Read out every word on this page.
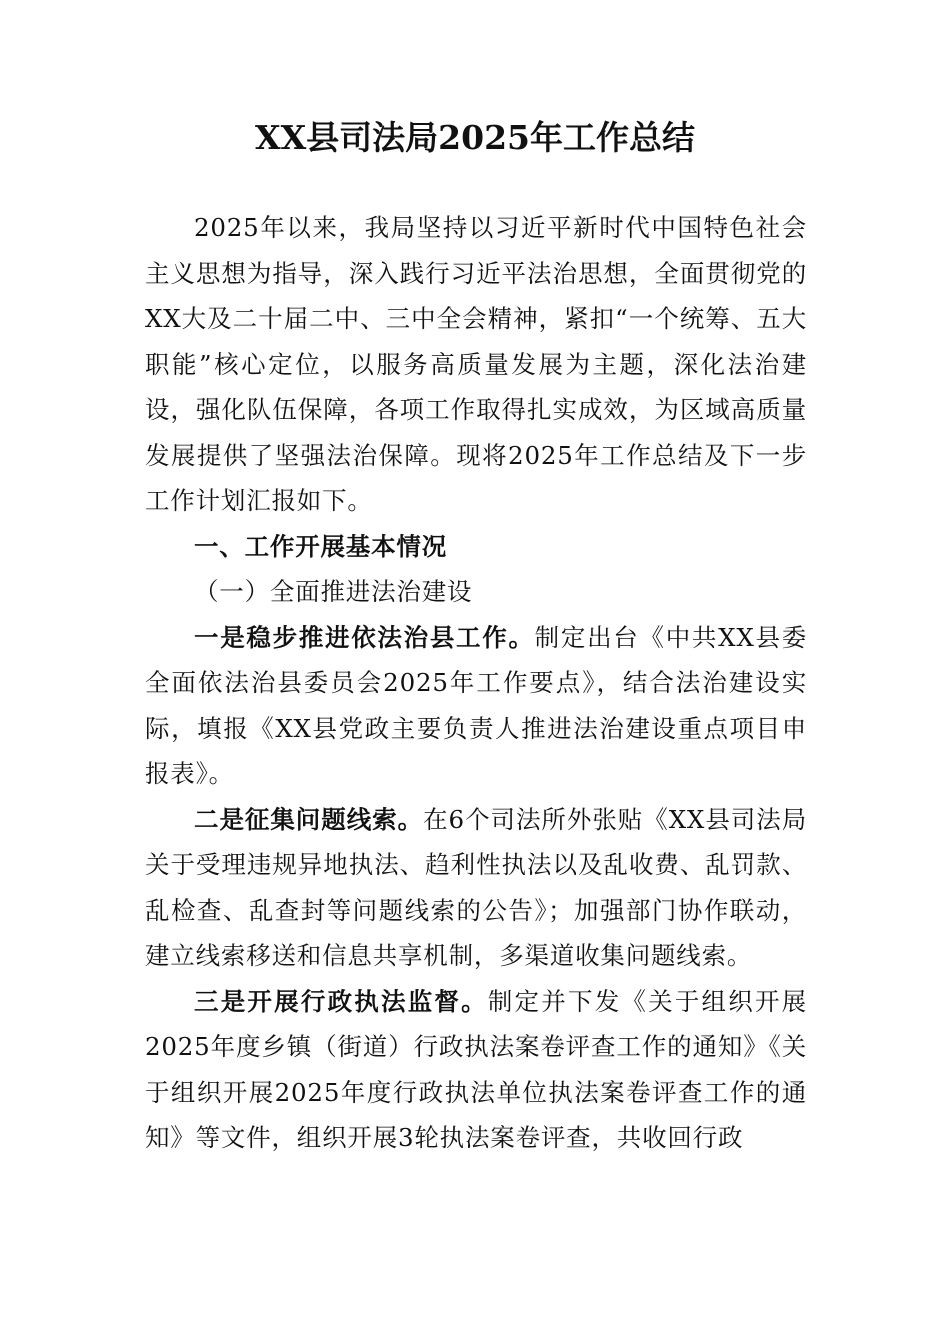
XX县司法局2025年工作总结

2025年以来，我局坚持以习近平新时代中国特色社会主义思想为指导，深入践行习近平法治思想，全面贯彻党的XX大及二十届二中、三中全会精神，紧扣“一个统筹、五大职能”核心定位，以服务高质量发展为主题，深化法治建设，强化队伍保障，各项工作取得扎实成效，为区域高质量发展提供了坚强法治保障。现将2025年工作总结及下一步工作计划汇报如下。

一、工作开展基本情况

（一）全面推进法治建设

一是稳步推进依法治县工作。制定出台《中共XX县委全面依法治县委员会2025年工作要点》，结合法治建设实际，填报《XX县党政主要负责人推进法治建设重点项目申报表》。

二是征集问题线索。在6个司法所外张贴《XX县司法局关于受理违规异地执法、趋利性执法以及乱收费、乱罚款、乱检查、乱查封等问题线索的公告》；加强部门协作联动，建立线索移送和信息共享机制，多渠道收集问题线索。

三是开展行政执法监督。制定并下发《关于组织开展2025年度乡镇（街道）行政执法案卷评查工作的通知》《关于组织开展2025年度行政执法单位执法案卷评查工作的通知》等文件，组织开展3轮执法案卷评查，共收回行政
